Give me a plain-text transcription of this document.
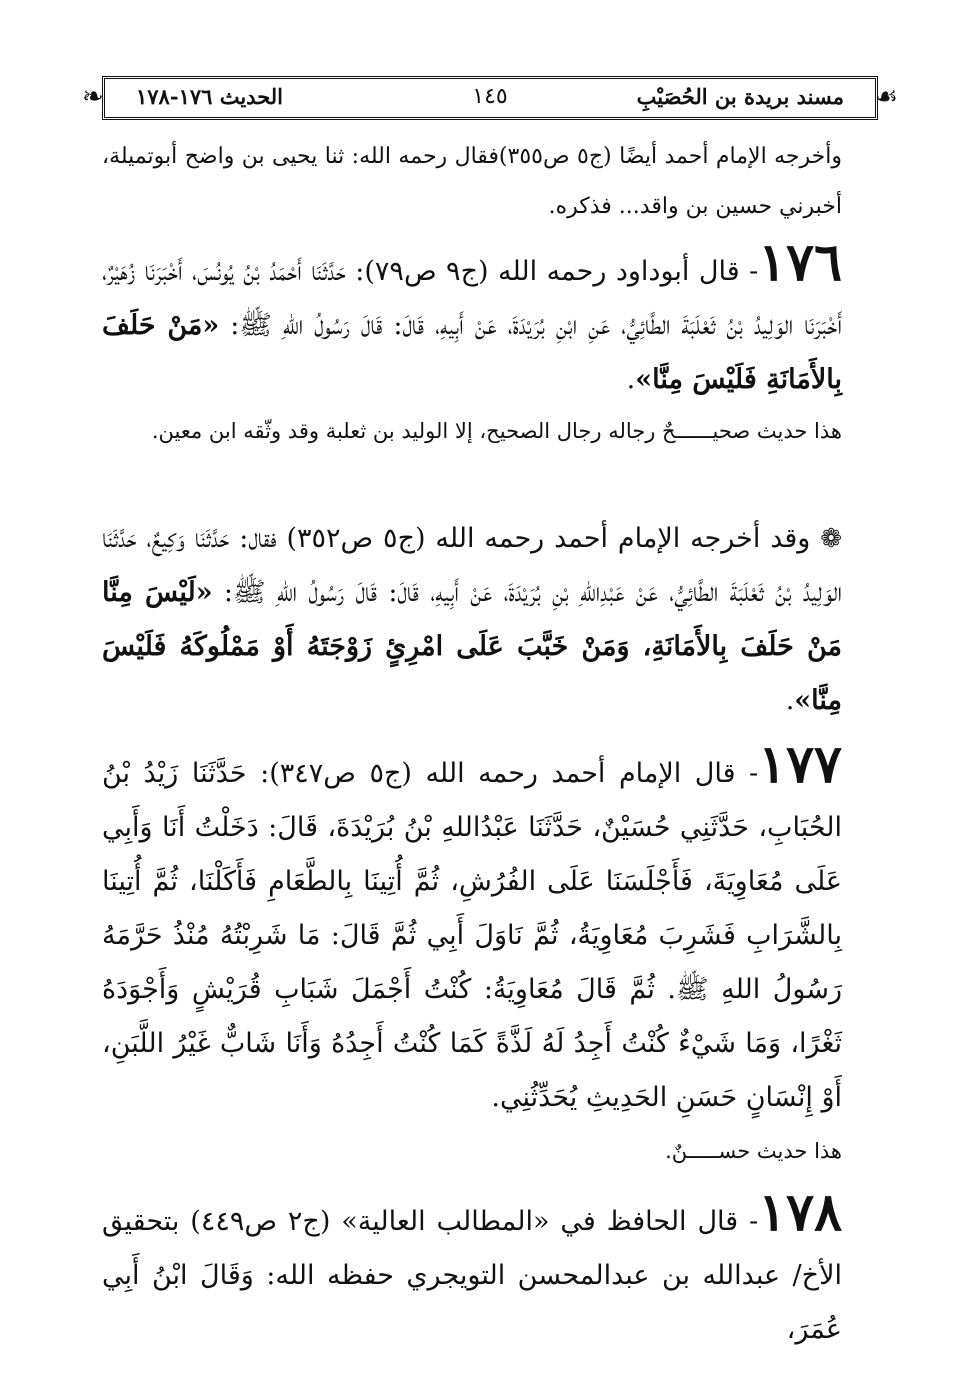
❧	☙
مسند بريدة بن الحُصَيْبِ
١٤٥
الحديث ١٧٦-١٧٨

وأخرجه الإمام أحمد أيضًا (ج٥ ص٣٥٥)فقال رحمه الله: ثنا يحيى بن واضح أبوتميلة، أخبرني حسين بن واقد... فذكره.

١٧٦- قال أبوداود رحمه الله (ج٩ ص٧٩): حَدَّثَنَا أَحْمَدُ بْنُ يُونُسَ، أَخْبَرَنَا زُهَيْرٌ، أَخْبَرَنَا الوَلِيدُ بْنُ ثَعْلَبَةَ الطَّائِيُّ، عَنِ ابْنِ بُرَيْدَةَ، عَنْ أَبِيهِ، قَالَ: قَالَ رَسُولُ اللهِ ﷺ: «مَنْ حَلَفَ بِالأَمَانَةِ فَلَيْسَ مِنَّا».

هذا حديث صحيــــــحٌ رجاله رجال الصحيح، إلا الوليد بن ثعلبة وقد وثّقه ابن معين.

❁ وقد أخرجه الإمام أحمد رحمه الله (ج٥ ص٣٥٢) فقال: حَدَّثَنَا وَكِيعٌ، حَدَّثَنَا الوَلِيدُ بْنُ ثَعْلَبَةَ الطَّائِيُّ، عَنْ عَبْدِاللهِ بْنِ بُرَيْدَةَ، عَنْ أَبِيهِ، قَالَ: قَالَ رَسُولُ اللهِ ﷺ: «لَيْسَ مِنَّا مَنْ حَلَفَ بِالأَمَانَةِ، وَمَنْ خَبَّبَ عَلَى امْرِئٍ زَوْجَتَهُ أَوْ مَمْلُوكَهُ فَلَيْسَ مِنَّا».

١٧٧- قال الإمام أحمد رحمه الله (ج٥ ص٣٤٧): حَدَّثَنَا زَيْدُ بْنُ الحُبَابِ، حَدَّثَنِي حُسَيْنٌ، حَدَّثَنَا عَبْدُاللهِ بْنُ بُرَيْدَةَ، قَالَ: دَخَلْتُ أَنَا وَأَبِي عَلَى مُعَاوِيَةَ، فَأَجْلَسَنَا عَلَى الفُرُشِ، ثُمَّ أُتِينَا بِالطَّعَامِ فَأَكَلْنَا، ثُمَّ أُتِينَا بِالشَّرَابِ فَشَرِبَ مُعَاوِيَةُ، ثُمَّ نَاوَلَ أَبِي ثُمَّ قَالَ: مَا شَرِبْتُهُ مُنْذُ حَرَّمَهُ رَسُولُ اللهِ ﷺ. ثُمَّ قَالَ مُعَاوِيَةُ: كُنْتُ أَجْمَلَ شَبَابِ قُرَيْشٍ وَأَجْوَدَهُ ثَغْرًا، وَمَا شَيْءٌ كُنْتُ أَجِدُ لَهُ لَذَّةً كَمَا كُنْتُ أَجِدُهُ وَأَنَا شَابٌّ غَيْرُ اللَّبَنِ، أَوْ إِنْسَانٍ حَسَنِ الحَدِيثِ يُحَدِّثُنِي.

هذا حديث حســـــنٌ.

١٧٨- قال الحافظ في «المطالب العالية» (ج٢ ص٤٤٩) بتحقيق الأخ/ عبدالله بن عبدالمحسن التويجري حفظه الله: وَقَالَ ابْنُ أَبِي عُمَرَ،
